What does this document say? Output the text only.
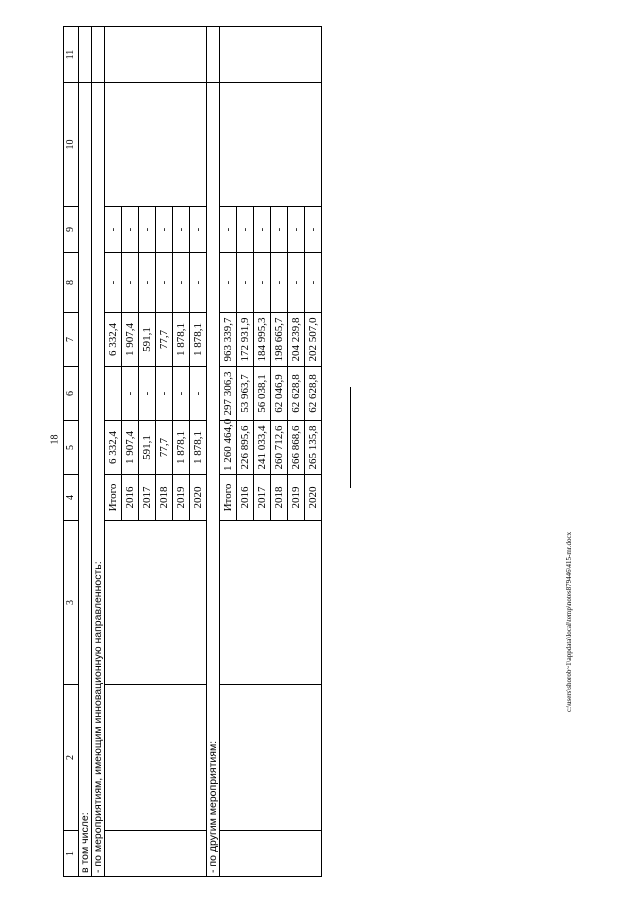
18
c:\users\shorob~1\appdata\local\temp\notes879446\415-mr.docx
1	2	3	4	5	6	7	8	9	10	11
в том числе:										
- по мероприятиям, имеющим инновационную направленность:										
			Итого	6 332,4		6 332,4	-	-		
			2016	1 907,4	-	1 907,4	-	-		
			2017	591,1	-	591,1	-	-		
			2018	77,7	-	77,7	-	-		
			2019	1 878,1	-	1 878,1	-	-		
			2020	1 878,1	-	1 878,1	-	-		
- по другим мероприятиям:										
			Итого	1 260 464,0	297 306,3	963 339,7	-	-		
			2016	226 895,6	53 963,7	172 931,9	-	-		
			2017	241 033,4	56 038,1	184 995,3	-	-		
			2018	260 712,6	62 046,9	198 665,7	-	-		
			2019	266 868,6	62 628,8	204 239,8	-	-		
			2020	265 135,8	62 628,8	202 507,0	-	-		
